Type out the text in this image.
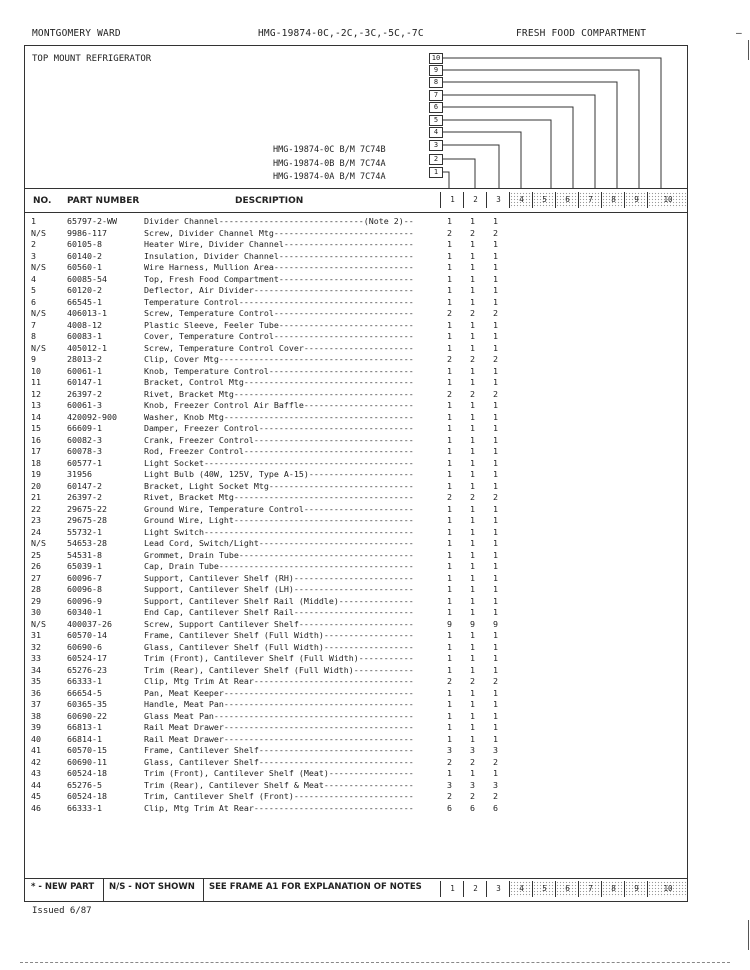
MONTGOMERY WARD	HMG-19874-0C,-2C,-3C,-5C,-7C	FRESH FOOD COMPARTMENT	–
TOP MOUNT REFRIGERATOR
HMG-19874-0C B/M 7C74B
HMG-19874-0B B/M 7C74A
HMG-19874-0A B/M 7C74A
10
9
8
7
6
5
4
3
2
1
NO. PART NUMBER	DESCRIPTION	1	2	3	4	5	6	7	8	9	10
1	65797-2-WW	Divider Channel-----------------------------(Note 2)--	1 1 1
N/S	9986-117	Screw, Divider Channel Mtg----------------------------	2 2 2
2	60105-8	Heater Wire, Divider Channel--------------------------	1 1 1
3	60140-2	Insulation, Divider Channel---------------------------	1 1 1
N/S	60560-1	Wire Harness, Mullion Area----------------------------	1 1 1
4	60085-54	Top, Fresh Food Compartment---------------------------	1 1 1
5	60120-2	Deflector, Air Divider--------------------------------	1 1 1
6	66545-1	Temperature Control-----------------------------------	1 1 1
N/S	406013-1	Screw, Temperature Control----------------------------	2 2 2
7	4008-12	Plastic Sleeve, Feeler Tube---------------------------	1 1 1
8	60083-1	Cover, Temperature Control----------------------------	1 1 1
N/S	405012-1	Screw, Temperature Control Cover----------------------	1 1 1
9	28013-2	Clip, Cover Mtg---------------------------------------	2 2 2
10	60061-1	Knob, Temperature Control-----------------------------	1 1 1
11	60147-1	Bracket, Control Mtg----------------------------------	1 1 1
12	26397-2	Rivet, Bracket Mtg------------------------------------	2 2 2
13	60061-3	Knob, Freezer Control Air Baffle----------------------	1 1 1
14	420092-900	Washer, Knob Mtg--------------------------------------	1 1 1
15	66609-1	Damper, Freezer Control-------------------------------	1 1 1
16	60082-3	Crank, Freezer Control--------------------------------	1 1 1
17	60078-3	Rod, Freezer Control----------------------------------	1 1 1
18	60577-1	Light Socket------------------------------------------	1 1 1
19	31956	Light Bulb (40W, 125V, Type A-15)---------------------	1 1 1
20	60147-2	Bracket, Light Socket Mtg-----------------------------	1 1 1
21	26397-2	Rivet, Bracket Mtg------------------------------------	2 2 2
22	29675-22	Ground Wire, Temperature Control----------------------	1 1 1
23	29675-28	Ground Wire, Light------------------------------------	1 1 1
24	55732-1	Light Switch------------------------------------------	1 1 1
N/S	54653-28	Lead Cord, Switch/Light-------------------------------	1 1 1
25	54531-8	Grommet, Drain Tube-----------------------------------	1 1 1
26	65039-1	Cap, Drain Tube---------------------------------------	1 1 1
27	60096-7	Support, Cantilever Shelf (RH)------------------------	1 1 1
28	60096-8	Support, Cantilever Shelf (LH)------------------------	1 1 1
29	60096-9	Support, Cantilever Shelf Rail (Middle)---------------	1 1 1
30	60340-1	End Cap, Cantilever Shelf Rail------------------------	1 1 1
N/S	400037-26	Screw, Support Cantilever Shelf-----------------------	9 9 9
31	60570-14	Frame, Cantilever Shelf (Full Width)------------------	1 1 1
32	60690-6	Glass, Cantilever Shelf (Full Width)------------------	1 1 1
33	60524-17	Trim (Front), Cantilever Shelf (Full Width)-----------	1 1 1
34	65276-23	Trim (Rear), Cantilever Shelf (Full Width)------------	1 1 1
35	66333-1	Clip, Mtg Trim At Rear--------------------------------	2 2 2
36	66654-5	Pan, Meat Keeper--------------------------------------	1 1 1
37	60365-35	Handle, Meat Pan--------------------------------------	1 1 1
38	60690-22	Glass Meat Pan----------------------------------------	1 1 1
39	66813-1	Rail Meat Drawer--------------------------------------	1 1 1
40	66814-1	Rail Meat Drawer--------------------------------------	1 1 1
41	60570-15	Frame, Cantilever Shelf-------------------------------	3 3 3
42	60690-11	Glass, Cantilever Shelf-------------------------------	2 2 2
43	60524-18	Trim (Front), Cantilever Shelf (Meat)-----------------	1 1 1
44	65276-5	Trim (Rear), Cantilever Shelf & Meat------------------	3 3 3
45	60524-18	Trim, Cantilever Shelf (Front)------------------------	2 2 2
46	66333-1	Clip, Mtg Trim At Rear--------------------------------	6 6 6
* - NEW PART N/S - NOT SHOWN SEE FRAME A1 FOR EXPLANATION OF NOTES	1	2	3	4	5	6	7	8	9	10
Issued 6/87
